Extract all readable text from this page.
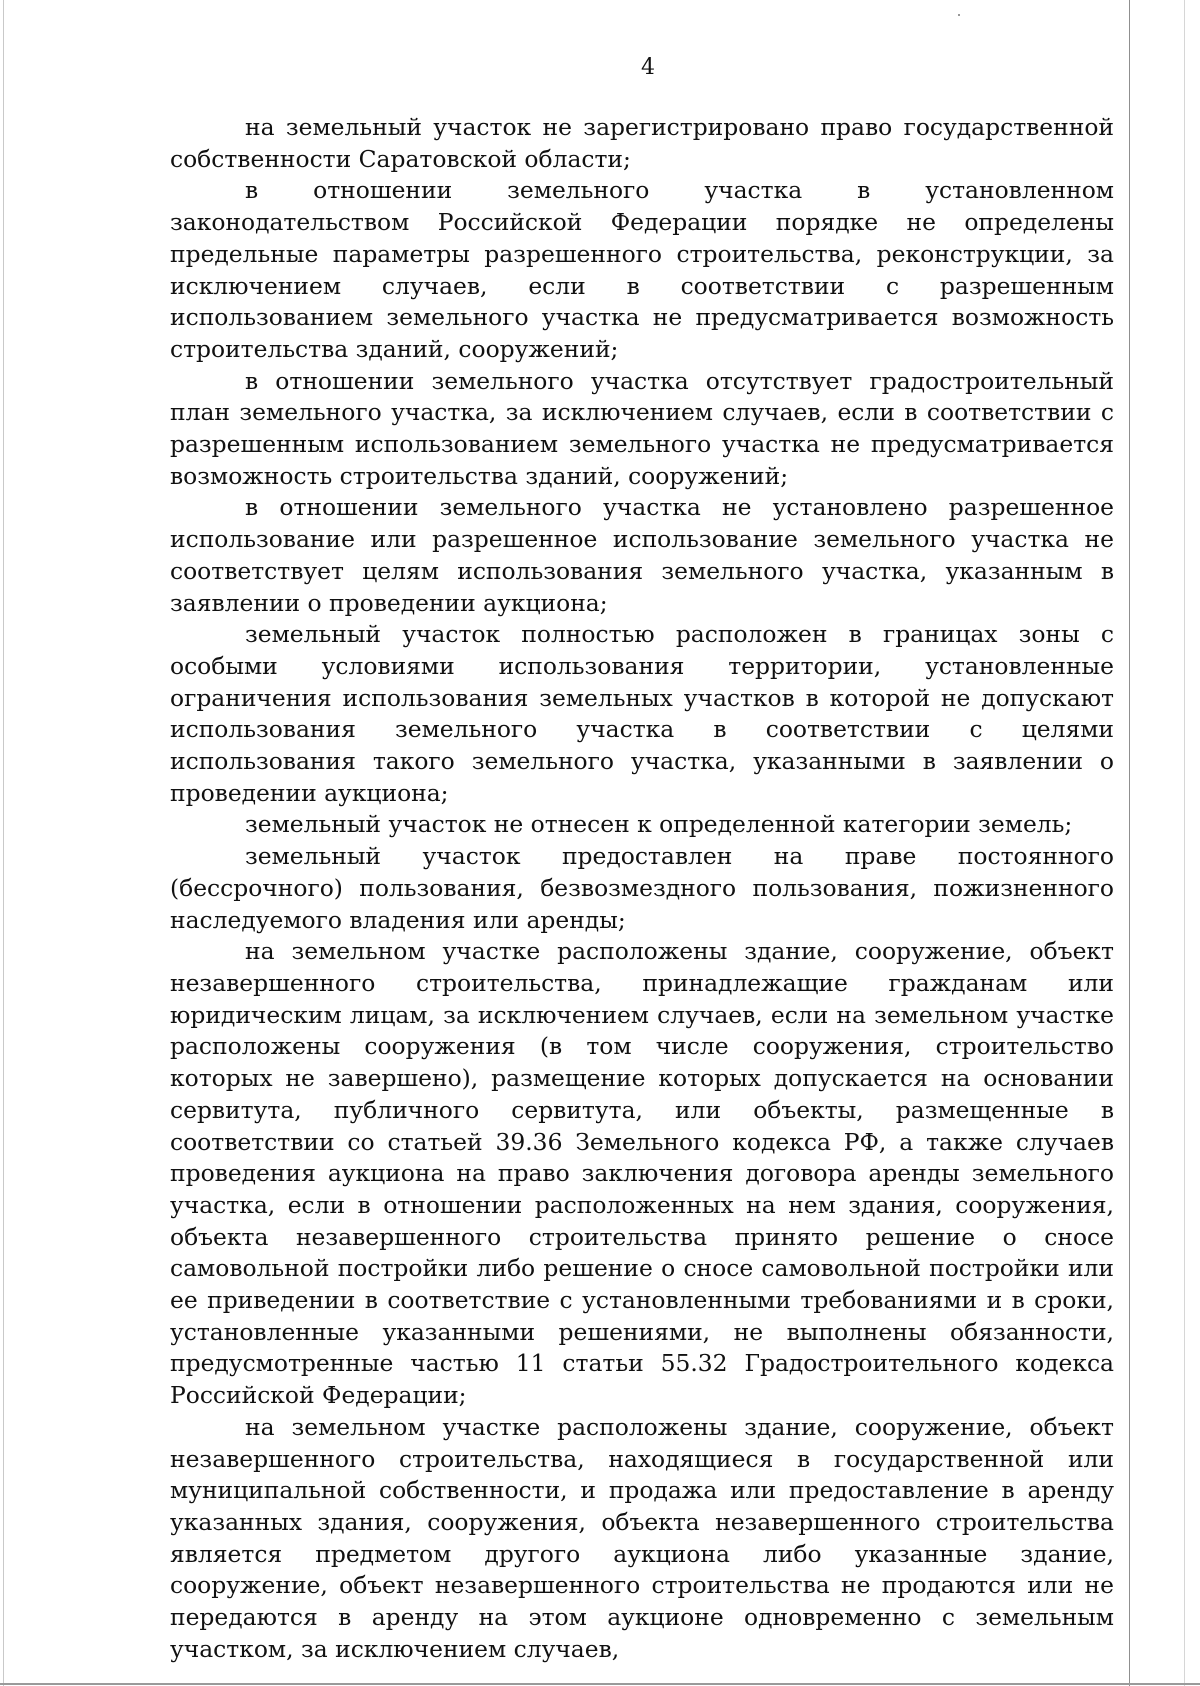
4

на земельный участок не зарегистрировано право государственной собственности Саратовской области;

в отношении земельного участка в установленном законодательством Российской Федерации порядке не определены предельные параметры разрешенного строительства, реконструкции, за исключением случаев, если в соответствии с разрешенным использованием земельного участка не предусматривается возможность строительства зданий, сооружений;

в отношении земельного участка отсутствует градостроительный план земельного участка, за исключением случаев, если в соответствии с разрешенным использованием земельного участка не предусматривается возможность строительства зданий, сооружений;

в отношении земельного участка не установлено разрешенное использование или разрешенное использование земельного участка не соответствует целям использования земельного участка, указанным в заявлении о проведении аукциона;

земельный участок полностью расположен в границах зоны с особыми условиями использования территории, установленные ограничения использования земельных участков в которой не допускают использования земельного участка в соответствии с целями использования такого земельного участка, указанными в заявлении о проведении аукциона;

земельный участок не отнесен к определенной категории земель;

земельный участок предоставлен на праве постоянного (бессрочного) пользования, безвозмездного пользования, пожизненного наследуемого владения или аренды;

на земельном участке расположены здание, сооружение, объект незавершенного строительства, принадлежащие гражданам или юридическим лицам, за исключением случаев, если на земельном участке расположены сооружения (в том числе сооружения, строительство которых не завершено), размещение которых допускается на основании сервитута, публичного сервитута, или объекты, размещенные в соответствии со статьей 39.36 Земельного кодекса РФ, а также случаев проведения аукциона на право заключения договора аренды земельного участка, если в отношении расположенных на нем здания, сооружения, объекта незавершенного строительства принято решение о сносе самовольной постройки либо решение о сносе самовольной постройки или ее приведении в соответствие с установленными требованиями и в сроки, установленные указанными решениями, не выполнены обязанности, предусмотренные частью 11 статьи 55.32 Градостроительного кодекса Российской Федерации;

на земельном участке расположены здание, сооружение, объект незавершенного строительства, находящиеся в государственной или муниципальной собственности, и продажа или предоставление в аренду указанных здания, сооружения, объекта незавершенного строительства является предметом другого аукциона либо указанные здание, сооружение, объект незавершенного строительства не продаются или не передаются в аренду на этом аукционе одновременно с земельным участком, за исключением случаев,
